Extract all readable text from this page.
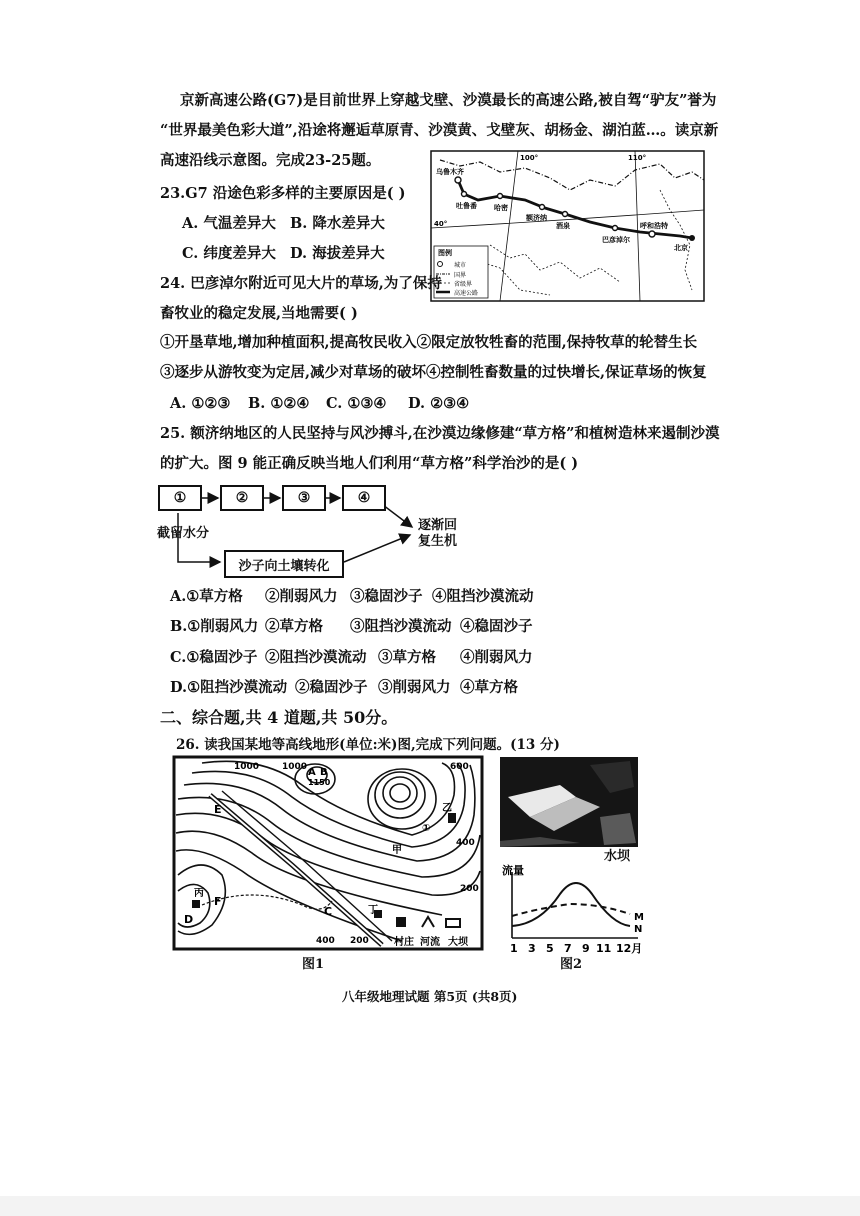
京新高速公路(G7)是目前世界上穿越戈壁、沙漠最长的高速公路,被自驾“驴友”誉为
“世界最美色彩大道”,沿途将邂逅草原青、沙漠黄、戈壁灰、胡杨金、湖泊蓝…。读京新
高速沿线示意图。完成23-25题。
乌鲁木齐
吐鲁番 哈密
额济纳
酒泉
巴彦淖尔
呼和浩特
北京
100°	110°
40°
图例
城市
国界
省级界
高速公路
23.G7 沿途色彩多样的主要原因是( )
A. 气温差异大 B. 降水差异大
C. 纬度差异大 D. 海拔差异大
24. 巴彦淖尔附近可见大片的草场,为了保持
畜牧业的稳定发展,当地需要( )
①开垦草地,增加种植面积,提高牧民收入②限定放牧牲畜的范围,保持牧草的轮替生长
③逐步从游牧变为定居,减少对草场的破坏④控制牲畜数量的过快增长,保证草场的恢复
A. ①②③ B. ①②④ C. ①③④ D. ②③④
25. 额济纳地区的人民坚持与风沙搏斗,在沙漠边缘修建“草方格”和植树造林来遏制沙漠
的扩大。图 9 能正确反映当地人们利用“草方格”科学治沙的是( )
①	②	③	④
截留水分
沙子向土壤转化
逐渐回
复生机
A.①草方格 ②削弱风力 ③稳固沙子 ④阻挡沙漠流动
B.①削弱风力 ②草方格 ③阻挡沙漠流动 ④稳固沙子
C.①稳固沙子 ②阻挡沙漠流动 ③草方格 ④削弱风力
D.①阻挡沙漠流动 ②稳固沙子 ③削弱风力 ④草方格
二、综合题,共 4 道题,共 50分。
26. 读我国某地等高线地形(单位:米)图,完成下列问题。(13 分)
村庄 河流 大坝
1000	1000	600
400
200
400 200
1150
A B
C
D
E
F
甲
乙
丙
丁
①
图1
水坝
流量
M
N
1 3 5 7 9 11 12月
图2
八年级地理试题 第5页 (共8页)
